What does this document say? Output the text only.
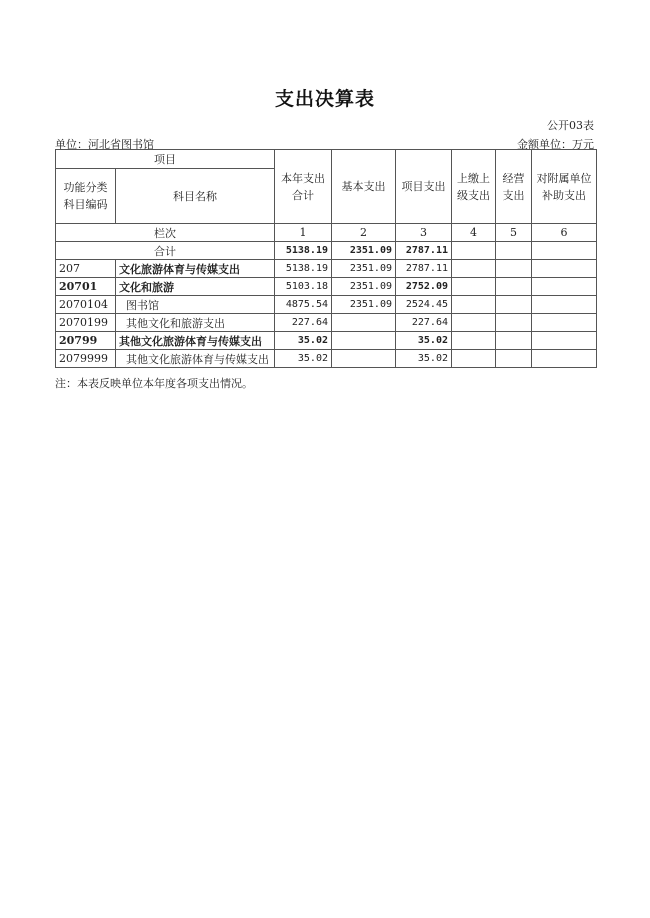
支出决算表
公开03表
单位：河北省图书馆	金额单位：万元
项目		本年支出合计	基本支出	项目支出	上缴上级支出	经营支出	对附属单位补助支出
功能分类科目编码	科目名称						
栏次		1	2	3	4	5	6
合计		5138.19	2351.09	2787.11			
207	文化旅游体育与传媒支出	5138.19	2351.09	2787.11			
20701	文化和旅游	5103.18	2351.09	2752.09			
2070104	图书馆	4875.54	2351.09	2524.45			
2070199	其他文化和旅游支出	227.64		227.64			
20799	其他文化旅游体育与传媒支出	35.02		35.02			
2079999	其他文化旅游体育与传媒支出	35.02		35.02			
注：本表反映单位本年度各项支出情况。
